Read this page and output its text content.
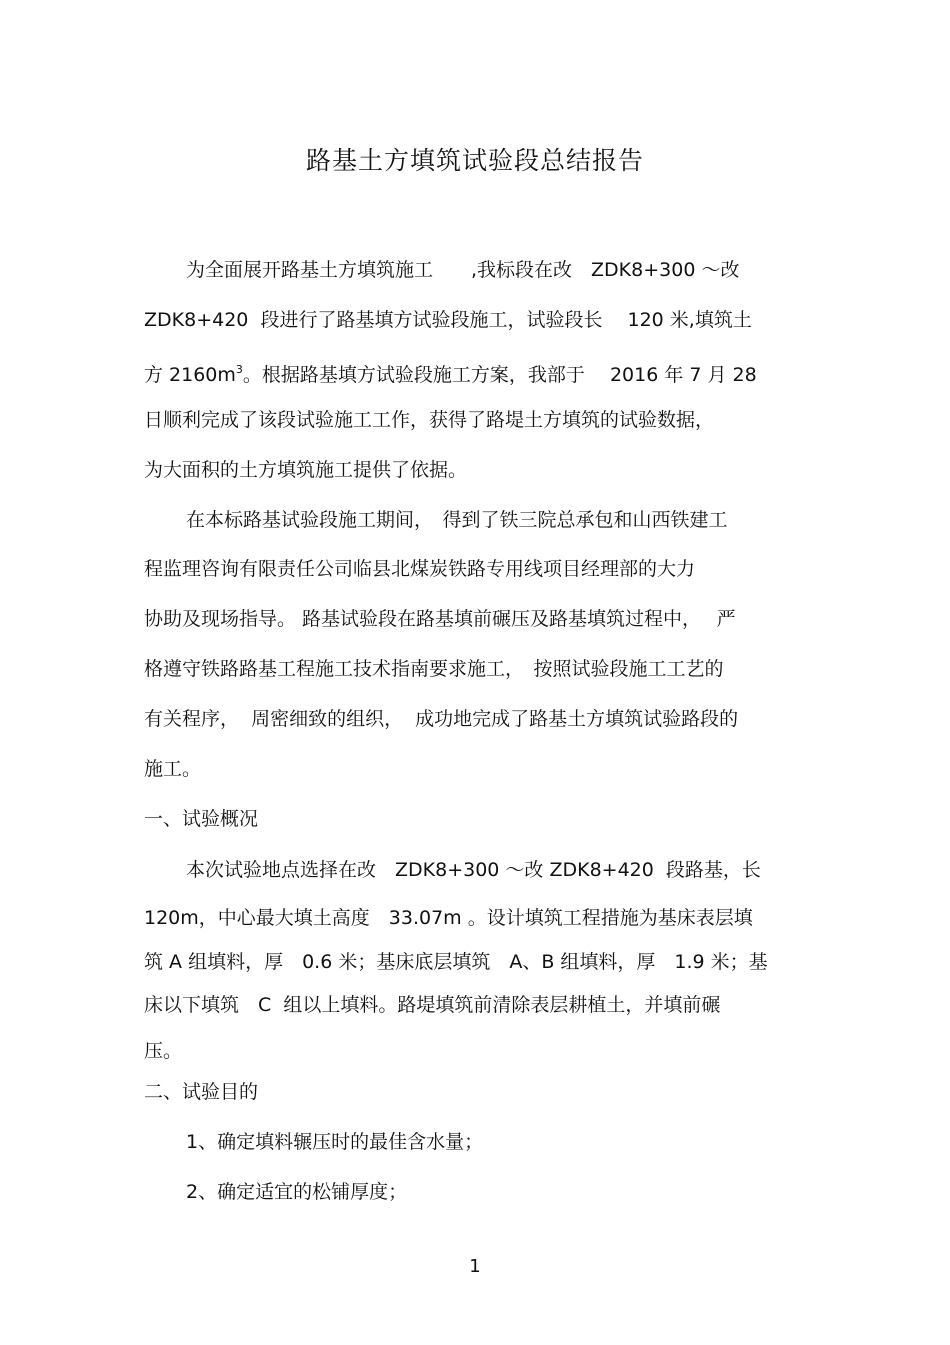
路基土方填筑试验段总结报告
为全面展开路基土方填筑施工　　,我标段在改　ZDK8+300 ～改
ZDK8+420  段进行了路基填方试验段施工，试验段长　 120 米,填筑土
方 $2160m^3$。根据路基填方试验段施工方案，我部于　 2016 年 7 月 28
日顺利完成了该段试验施工工作，获得了路堤土方填筑的试验数据，
为大面积的土方填筑施工提供了依据。
在本标路基试验段施工期间，　得到了铁三院总承包和山西铁建工
程监理咨询有限责任公司临县北煤炭铁路专用线项目经理部的大力
协助及现场指导。 路基试验段在路基填前碾压及路基填筑过程中，　 严
格遵守铁路路基工程施工技术指南要求施工，　按照试验段施工工艺的
有关程序，  周密细致的组织，  成功地完成了路基土方填筑试验路段的
施工。
一、试验概况
本次试验地点选择在改　ZDK8+300 ～改 ZDK8+420  段路基，长
120m，中心最大填土高度　33.07m 。设计填筑工程措施为基床表层填
筑 A 组填料，厚　0.6 米；基床底层填筑　A、B 组填料，厚　1.9 米；基
床以下填筑　C  组以上填料。路堤填筑前清除表层耕植土，并填前碾
压。
二、试验目的
1、确定填料辗压时的最佳含水量；
2、确定适宜的松铺厚度；
1
